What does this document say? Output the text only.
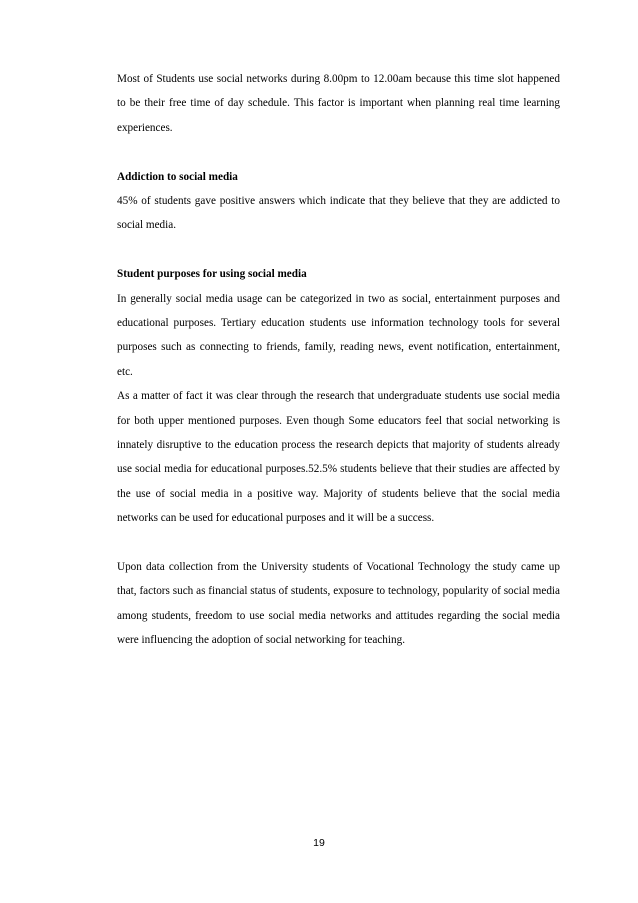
Most of Students use social networks during 8.00pm to 12.00am because this time slot happened to be their free time of day schedule. This factor is important when planning real time learning experiences.

Addiction to social media

45% of students gave positive answers which indicate that they believe that they are addicted to social media.

Student purposes for using social media

In generally social media usage can be categorized in two as social, entertainment purposes and educational purposes. Tertiary education students use information technology tools for several purposes such as connecting to friends, family, reading news, event notification, entertainment, etc.

As a matter of fact it was clear through the research that undergraduate students use social media for both upper mentioned purposes. Even though Some educators feel that social networking is innately disruptive to the education process the research depicts that majority of students already use social media for educational purposes.52.5% students believe that their studies are affected by the use of social media in a positive way. Majority of students believe that the social media networks can be used for educational purposes and it will be a success.

Upon data collection from the University students of Vocational Technology the study came up that, factors such as financial status of students, exposure to technology, popularity of social media among students, freedom to use social media networks and attitudes regarding the social media were influencing the adoption of social networking for teaching.

19
